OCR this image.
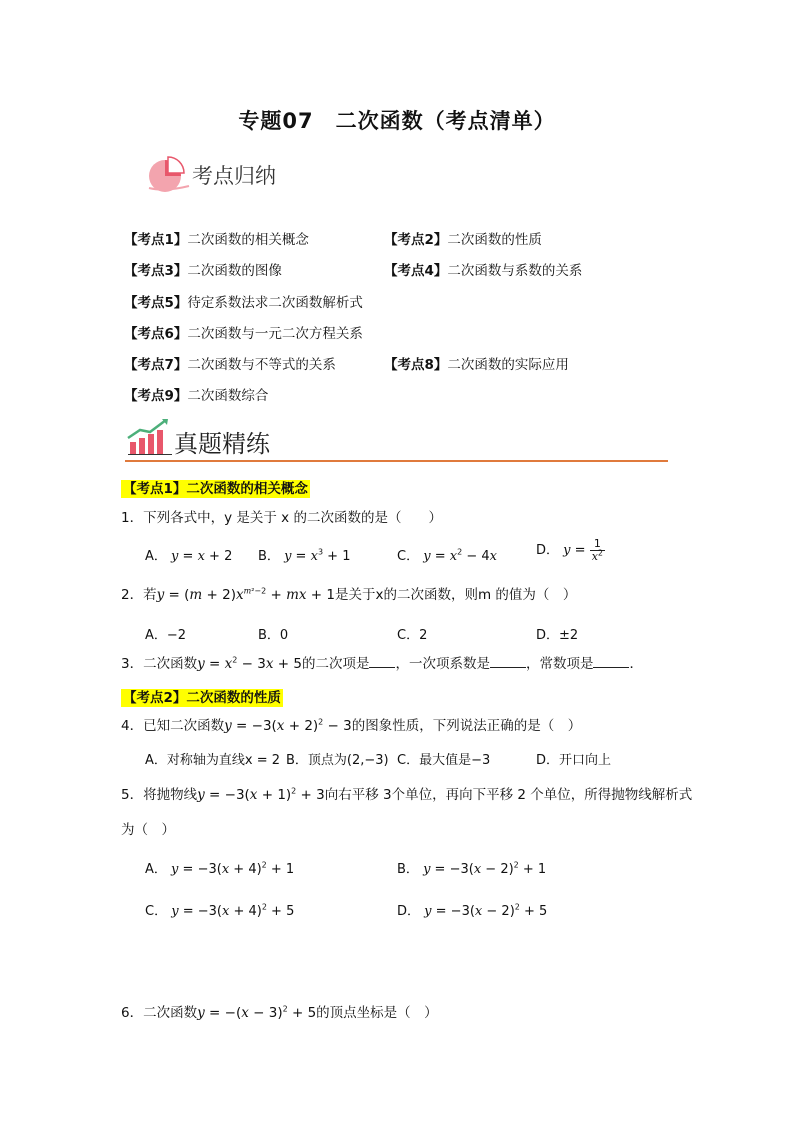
专题07　二次函数（考点清单）
考点归纳
【考点1】二次函数的相关概念	【考点2】二次函数的性质
【考点3】二次函数的图像	【考点4】二次函数与系数的关系
【考点5】待定系数法求二次函数解析式
【考点6】二次函数与一元二次方程关系
【考点7】二次函数与不等式的关系	【考点8】二次函数的实际应用
【考点9】二次函数综合
真题精练
【考点1】二次函数的相关概念
1．下列各式中，y 是关于 x 的二次函数的是（　　）
A． y = x + 2 B． $y = x^3 + 1$	C． $y = x^2 - 4x$	D． $y = \frac{1}{x^2}$
2．若$y = (m + 2)x^{m^2-2}$ + mx + 1是关于x的二次函数，则m 的值为（　）
A．−2	B．0	C．2	D．±2
3．二次函数$y = x^2 - 3x + 5$的二次项是 ，一次项系数是	，常数项是	．
【考点2】二次函数的性质
4．已知二次函数$y = -3(x + 2)^2 - 3$的图象性质，下列说法正确的是（　）
A．对称轴为直线x = 2 B．顶点为(2,−3) C．最大值是−3	D．开口向上
5．将抛物线$y = -3(x + 1)^2 + 3$向右平移 3个单位，再向下平移 2 个单位，所得抛物线解析式
为（　）
A． $y = -3(x + 4)^2 + 1$	B． $y = -3(x - 2)^2 + 1$
C． $y = -3(x + 4)^2 + 5$	D． $y = -3(x - 2)^2 + 5$
6．二次函数$y = -(x - 3)^2 + 5$的顶点坐标是（　）
